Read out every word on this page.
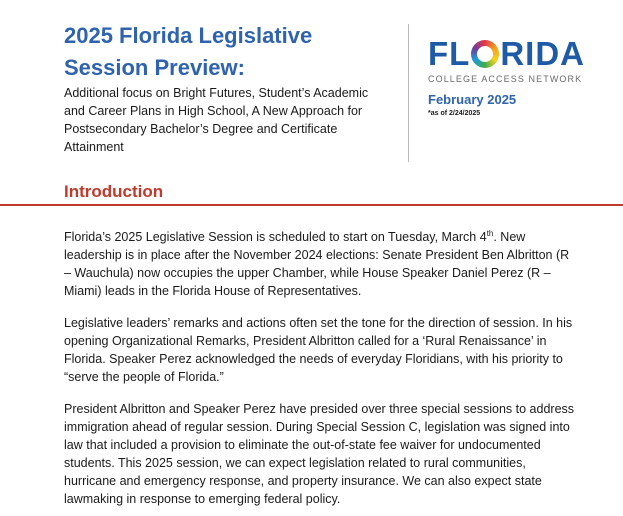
2025 Florida Legislative Session Preview:
Additional focus on Bright Futures, Student’s Academic and Career Plans in High School, A New Approach for Postsecondary Bachelor’s Degree and Certificate Attainment
FL RIDA
COLLEGE ACCESS NETWORK
February 2025
*as of 2/24/2025
Introduction

Florida’s 2025 Legislative Session is scheduled to start on Tuesday, March 4th. New leadership is in place after the November 2024 elections: Senate President Ben Albritton (R – Wauchula) now occupies the upper Chamber, while House Speaker Daniel Perez (R – Miami) leads in the Florida House of Representatives.

Legislative leaders’ remarks and actions often set the tone for the direction of session. In his opening Organizational Remarks, President Albritton called for a ‘Rural Renaissance’ in Florida. Speaker Perez acknowledged the needs of everyday Floridians, with his priority to “serve the people of Florida.”

President Albritton and Speaker Perez have presided over three special sessions to address immigration ahead of regular session. During Special Session C, legislation was signed into law that included a provision to eliminate the out-of-state fee waiver for undocumented students. This 2025 session, we can expect legislation related to rural communities, hurricane and emergency response, and property insurance. We can also expect state lawmaking in response to emerging federal policy.
